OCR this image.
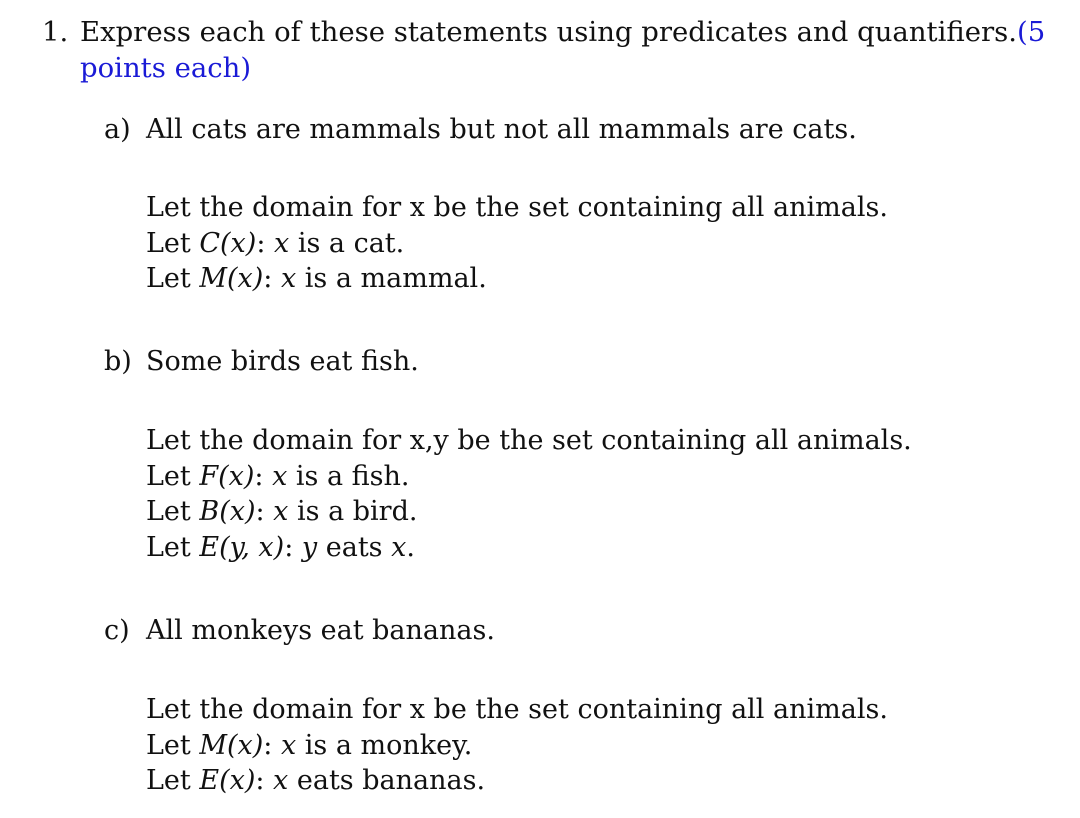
1. Express each of these statements using predicates and quantifiers.(5 points each)
a) All cats are mammals but not all mammals are cats.
Let the domain for x be the set containing all animals.
Let C(x): x is a cat.
Let M(x): x is a mammal.
b) Some birds eat fish.
Let the domain for x,y be the set containing all animals.
Let F(x): x is a fish.
Let B(x): x is a bird.
Let E(y, x): y eats x.
c) All monkeys eat bananas.
Let the domain for x be the set containing all animals.
Let M(x): x is a monkey.
Let E(x): x eats bananas.
